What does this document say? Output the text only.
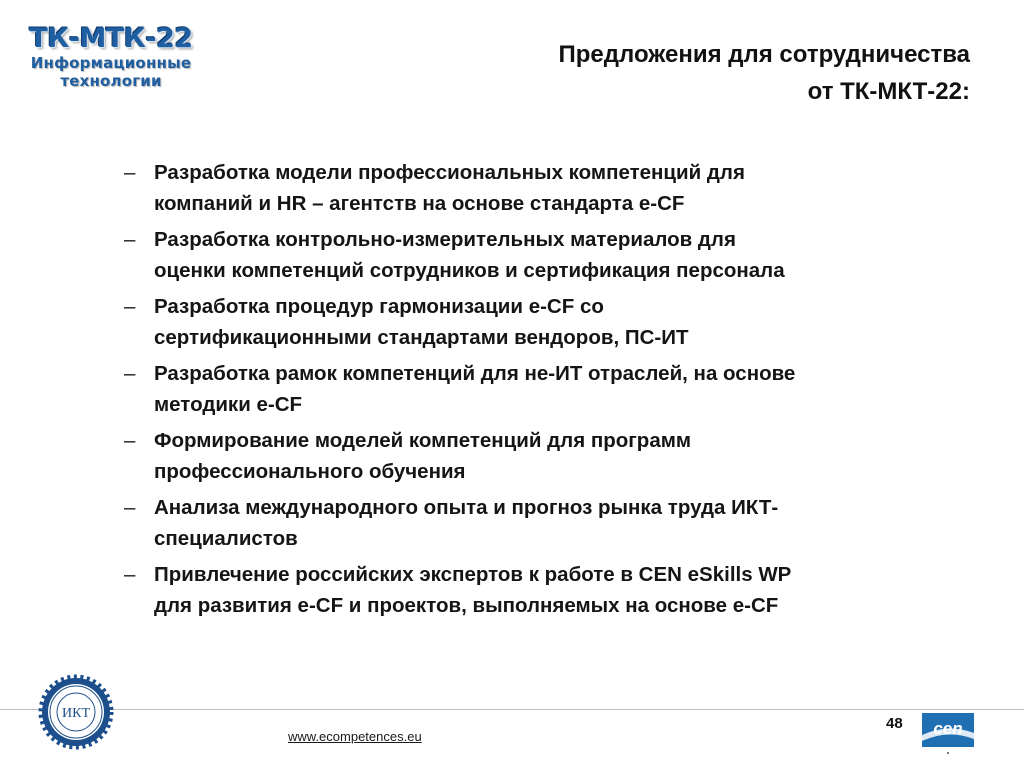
ТК-МТК-22
Информационные
технологии
Предложения для сотрудничества
от ТК-МКТ-22:
– Разработка модели профессиональных компетенций для
компаний и HR – агентств на основе стандарта e-CF
– Разработка контрольно-измерительных материалов для
оценки компетенций сотрудников и сертификация персонала
– Разработка процедур гармонизации e-CF со
сертификационными стандартами вендоров, ПС-ИТ
– Разработка рамок компетенций для не-ИТ отраслей, на основе
методики e-CF
– Формирование моделей компетенций для программ
профессионального обучения
– Анализа международного опыта и прогноз рынка труда ИКТ-
специалистов
– Привлечение российских экспертов к работе в CEN eSkills WP
для развития e-CF и проектов, выполняемых на основе e-CF
ИКТ
www.ecompetences.eu
48 cen
